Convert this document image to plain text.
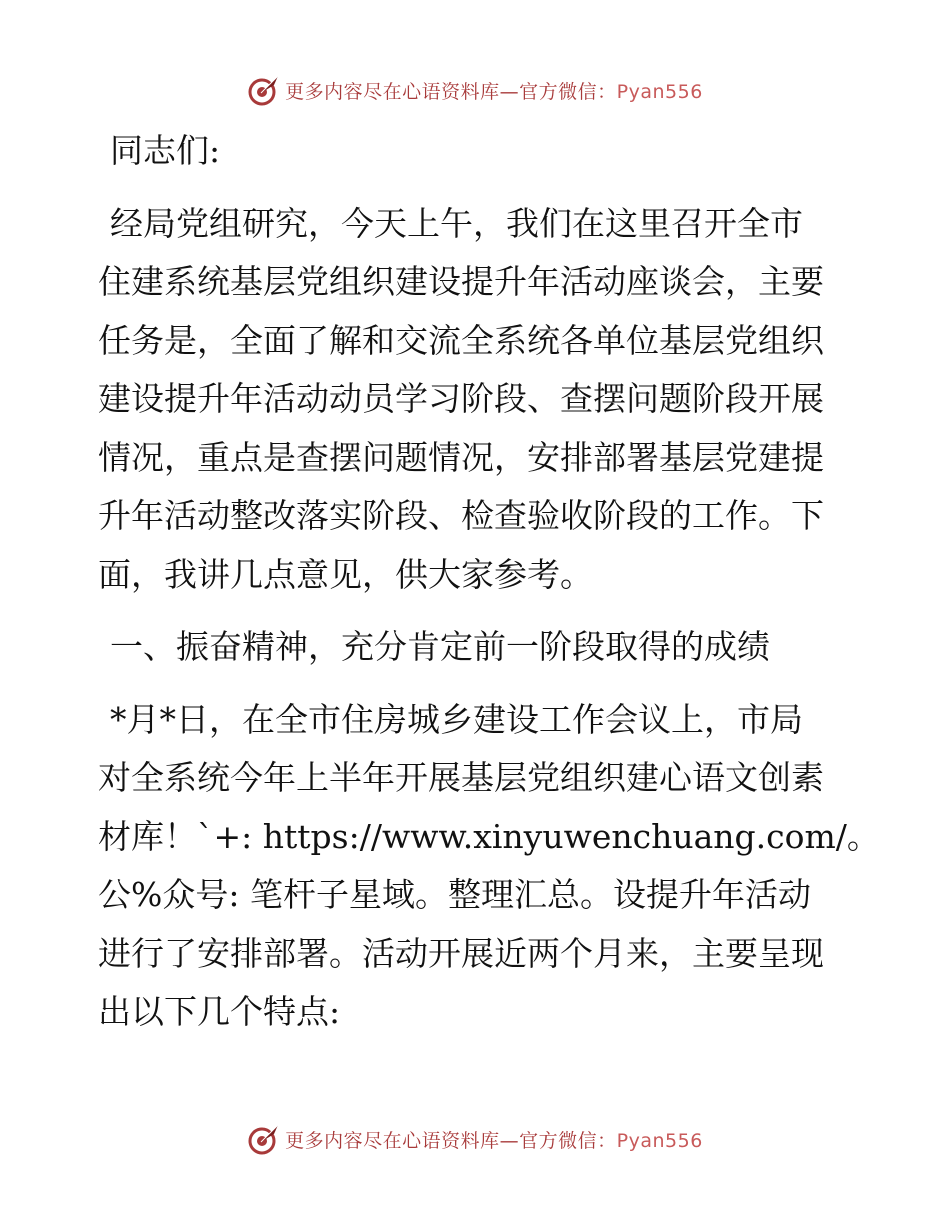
更多内容尽在心语资料库—官方微信：Pyan556

同志们:

经局党组研究，今天上午，我们在这里召开全市
住建系统基层党组织建设提升年活动座谈会，主要
任务是，全面了解和交流全系统各单位基层党组织
建设提升年活动动员学习阶段、查摆问题阶段开展
情况，重点是查摆问题情况，安排部署基层党建提
升年活动整改落实阶段、检查验收阶段的工作。下
面，我讲几点意见，供大家参考。

一、振奋精神，充分肯定前一阶段取得的成绩

*月*日，在全市住房城乡建设工作会议上，市局
对全系统今年上半年开展基层党组织建心语文创素
材库！`+: https://www.xinyuwenchuang.com/。
公%众号: 笔杆子星域。整理汇总。设提升年活动
进行了安排部署。活动开展近两个月来，主要呈现
出以下几个特点:

更多内容尽在心语资料库—官方微信：Pyan556
